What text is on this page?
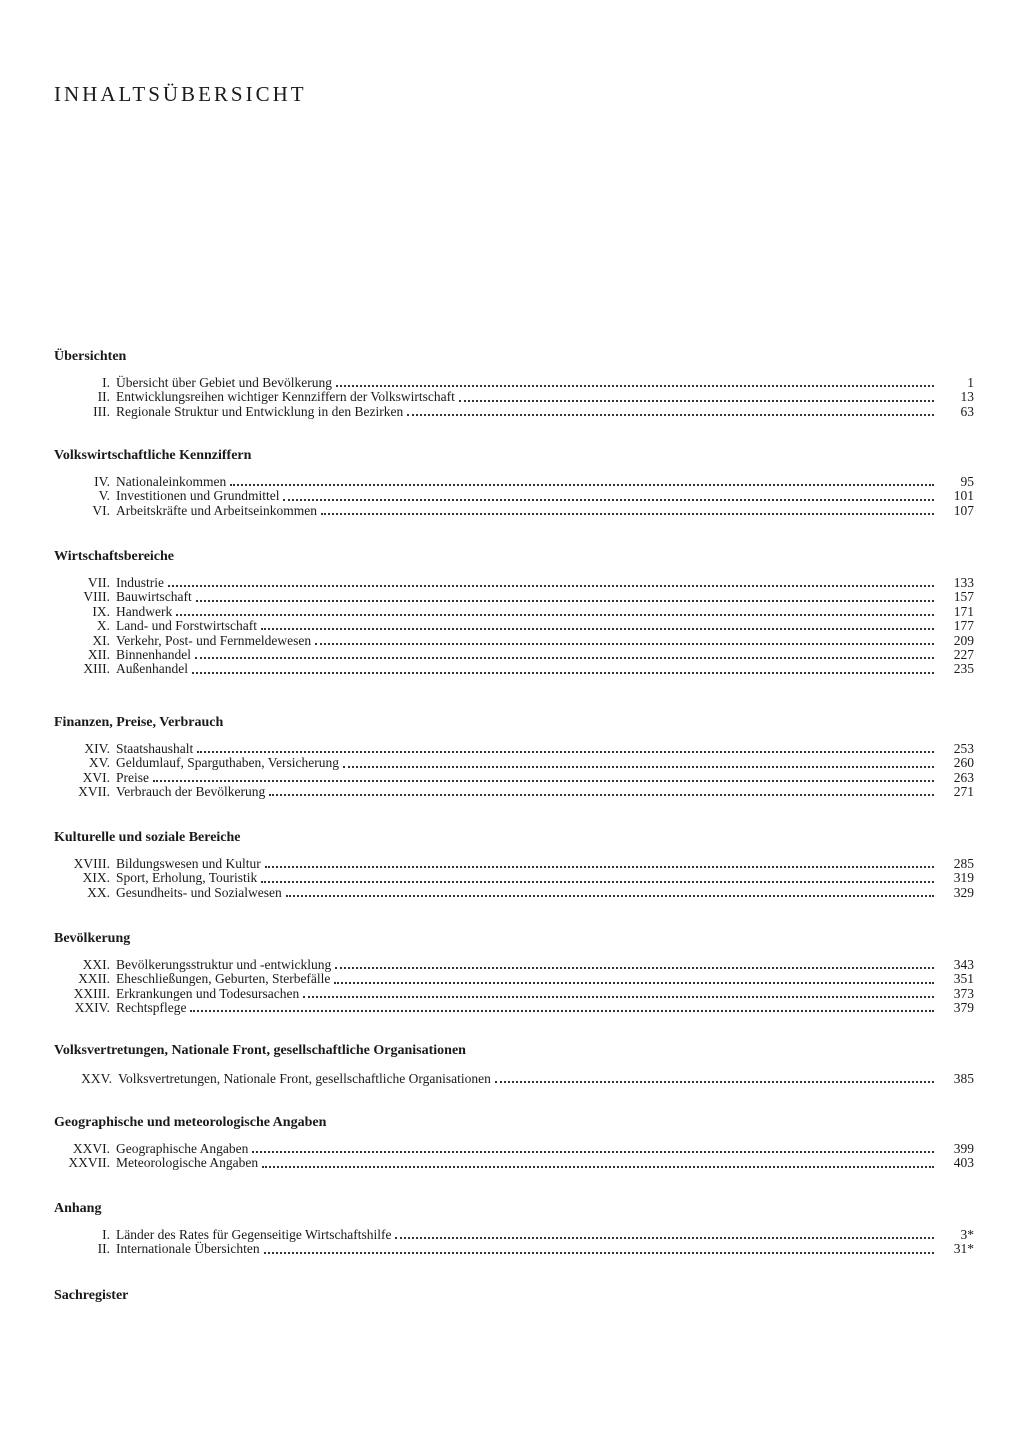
INHALTSÜBERSICHT
Übersichten
I. Übersicht über Gebiet und Bevölkerung	1
II. Entwicklungsreihen wichtiger Kennziffern der Volkswirtschaft	13
III. Regionale Struktur und Entwicklung in den Bezirken	63
Volkswirtschaftliche Kennziffern
IV. Nationaleinkommen	95
V. Investitionen und Grundmittel	101
VI. Arbeitskräfte und Arbeitseinkommen	107
Wirtschaftsbereiche
VII. Industrie	133
VIII. Bauwirtschaft	157
IX. Handwerk	171
X. Land- und Forstwirtschaft	177
XI. Verkehr, Post- und Fernmeldewesen	209
XII. Binnenhandel	227
XIII. Außenhandel	235
Finanzen, Preise, Verbrauch
XIV. Staatshaushalt	253
XV. Geldumlauf, Sparguthaben, Versicherung	260
XVI. Preise	263
XVII. Verbrauch der Bevölkerung	271
Kulturelle und soziale Bereiche
XVIII. Bildungswesen und Kultur	285
XIX. Sport, Erholung, Touristik	319
XX. Gesundheits- und Sozialwesen	329
Bevölkerung
XXI. Bevölkerungsstruktur und -entwicklung	343
XXII. Eheschließungen, Geburten, Sterbefälle	351
XXIII. Erkrankungen und Todesursachen	373
XXIV. Rechtspflege	379
Volksvertretungen, Nationale Front, gesellschaftliche Organisationen
XXV. Volksvertretungen, Nationale Front, gesellschaftliche Organisationen	385
Geographische und meteorologische Angaben
XXVI. Geographische Angaben	399
XXVII. Meteorologische Angaben	403
Anhang
I. Länder des Rates für Gegenseitige Wirtschaftshilfe	3*
II. Internationale Übersichten	31*
Sachregister
